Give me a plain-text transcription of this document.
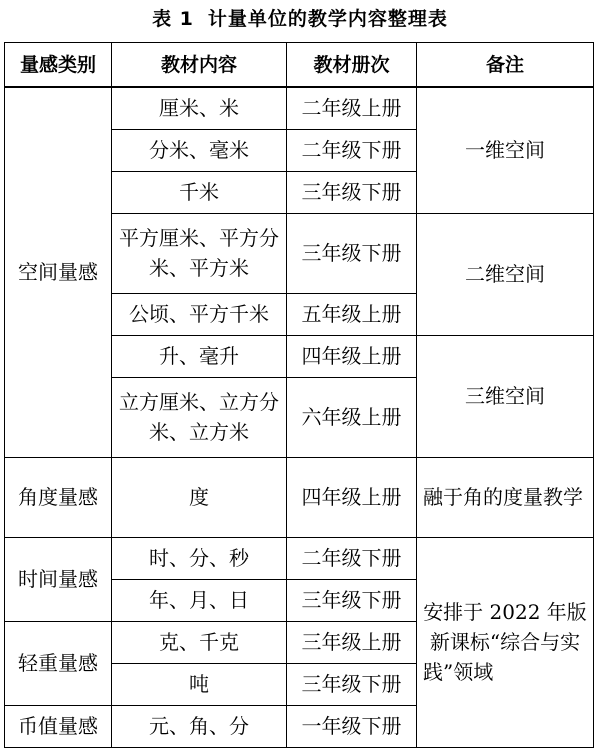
表 1 计量单位的教学内容整理表
量感类别	教材内容	教材册次	备注
空间量感	厘米、米	二年级上册	一维空间
	分米、毫米	二年级下册	
	千米	三年级下册	
	平方厘米、平方分米、平方米	三年级下册	二维空间
	公顷、平方千米	五年级上册	
	升、毫升	四年级上册	三维空间
	立方厘米、立方分米、立方米	六年级上册	
角度量感	度	四年级上册	融于角的度量教学
时间量感	时、分、秒	二年级下册	安排于 2022 年版新课标“综合与实践”领域
	年、月、日	三年级下册	
轻重量感	克、千克	三年级上册	
	吨	三年级下册	
币值量感	元、角、分	一年级下册	
